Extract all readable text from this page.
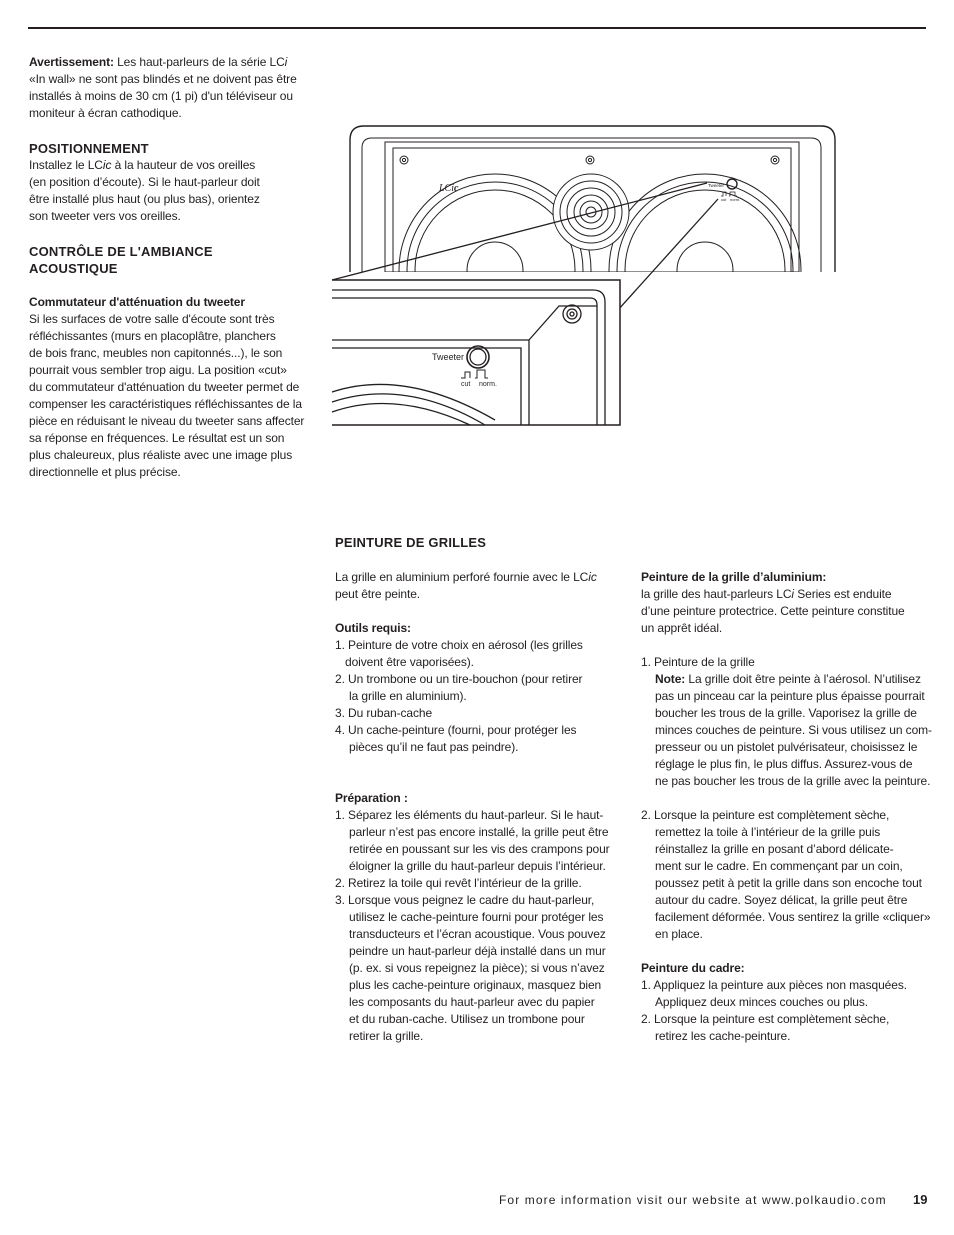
Avertissement: Les haut-parleurs de la série LCi
«In wall» ne sont pas blindés et ne doivent pas être
installés à moins de 30 cm (1 pi) d'un téléviseur ou
moniteur à écran cathodique.
POSITIONNEMENT
Installez le LCic à la hauteur de vos oreilles
(en position d’écoute). Si le haut-parleur doit
être installé plus haut (ou plus bas), orientez
son tweeter vers vos oreilles.
CONTRÔLE DE L'AMBIANCE
ACOUSTIQUE
Commutateur d'atténuation du tweeter
Si les surfaces de votre salle d'écoute sont très
réfléchissantes (murs en placoplâtre, planchers
de bois franc, meubles non capitonnés...), le son
pourrait vous sembler trop aigu. La position «cut»
du commutateur d'atténuation du tweeter permet de
compenser les caractéristiques réfléchissantes de la
pièce en réduisant le niveau du tweeter sans affecter
sa réponse en fréquences. Le résultat est un son
plus chaleureux, plus réaliste avec une image plus
directionnelle et plus précise.
LCic	Tweeter
cut norm.
Tweeter
cut norm.
PEINTURE DE GRILLES
La grille en aluminium perforé fournie avec le LCic
peut être peinte.
Outils requis:
1. Peinture de votre choix en aérosol (les grilles
doivent être vaporisées).
2. Un trombone ou un tire-bouchon (pour retirer
la grille en aluminium).
3. Du ruban-cache
4. Un cache-peinture (fourni, pour protéger les
pièces qu’il ne faut pas peindre).
Préparation :
1. Séparez les éléments du haut-parleur. Si le haut-
parleur n’est pas encore installé, la grille peut être
retirée en poussant sur les vis des crampons pour
éloigner la grille du haut-parleur depuis l’intérieur.
2. Retirez la toile qui revêt l’intérieur de la grille.
3. Lorsque vous peignez le cadre du haut-parleur,
utilisez le cache-peinture fourni pour protéger les
transducteurs et l’écran acoustique. Vous pouvez
peindre un haut-parleur déjà installé dans un mur
(p. ex. si vous repeignez la pièce); si vous n’avez
plus les cache-peinture originaux, masquez bien
les composants du haut-parleur avec du papier
et du ruban-cache. Utilisez un trombone pour
retirer la grille.
Peinture de la grille d’aluminium:
la grille des haut-parleurs LCi Series est enduite
d’une peinture protectrice. Cette peinture constitue
un apprêt idéal.
1. Peinture de la grille
Note: La grille doit être peinte à l’aérosol. N’utilisez
pas un pinceau car la peinture plus épaisse pourrait
boucher les trous de la grille. Vaporisez la grille de
minces couches de peinture. Si vous utilisez un com-
presseur ou un pistolet pulvérisateur, choisissez le
réglage le plus fin, le plus diffus. Assurez-vous de
ne pas boucher les trous de la grille avec la peinture.
2. Lorsque la peinture est complètement sèche,
remettez la toile à l’intérieur de la grille puis
réinstallez la grille en posant d’abord délicate-
ment sur le cadre. En commençant par un coin,
poussez petit à petit la grille dans son encoche tout
autour du cadre. Soyez délicat, la grille peut être
facilement déformée. Vous sentirez la grille «cliquer»
en place.
Peinture du cadre:
1. Appliquez la peinture aux pièces non masquées.
Appliquez deux minces couches ou plus.
2. Lorsque la peinture est complètement sèche,
retirez les cache-peinture.
For more information visit our website at www.polkaudio.com 19
